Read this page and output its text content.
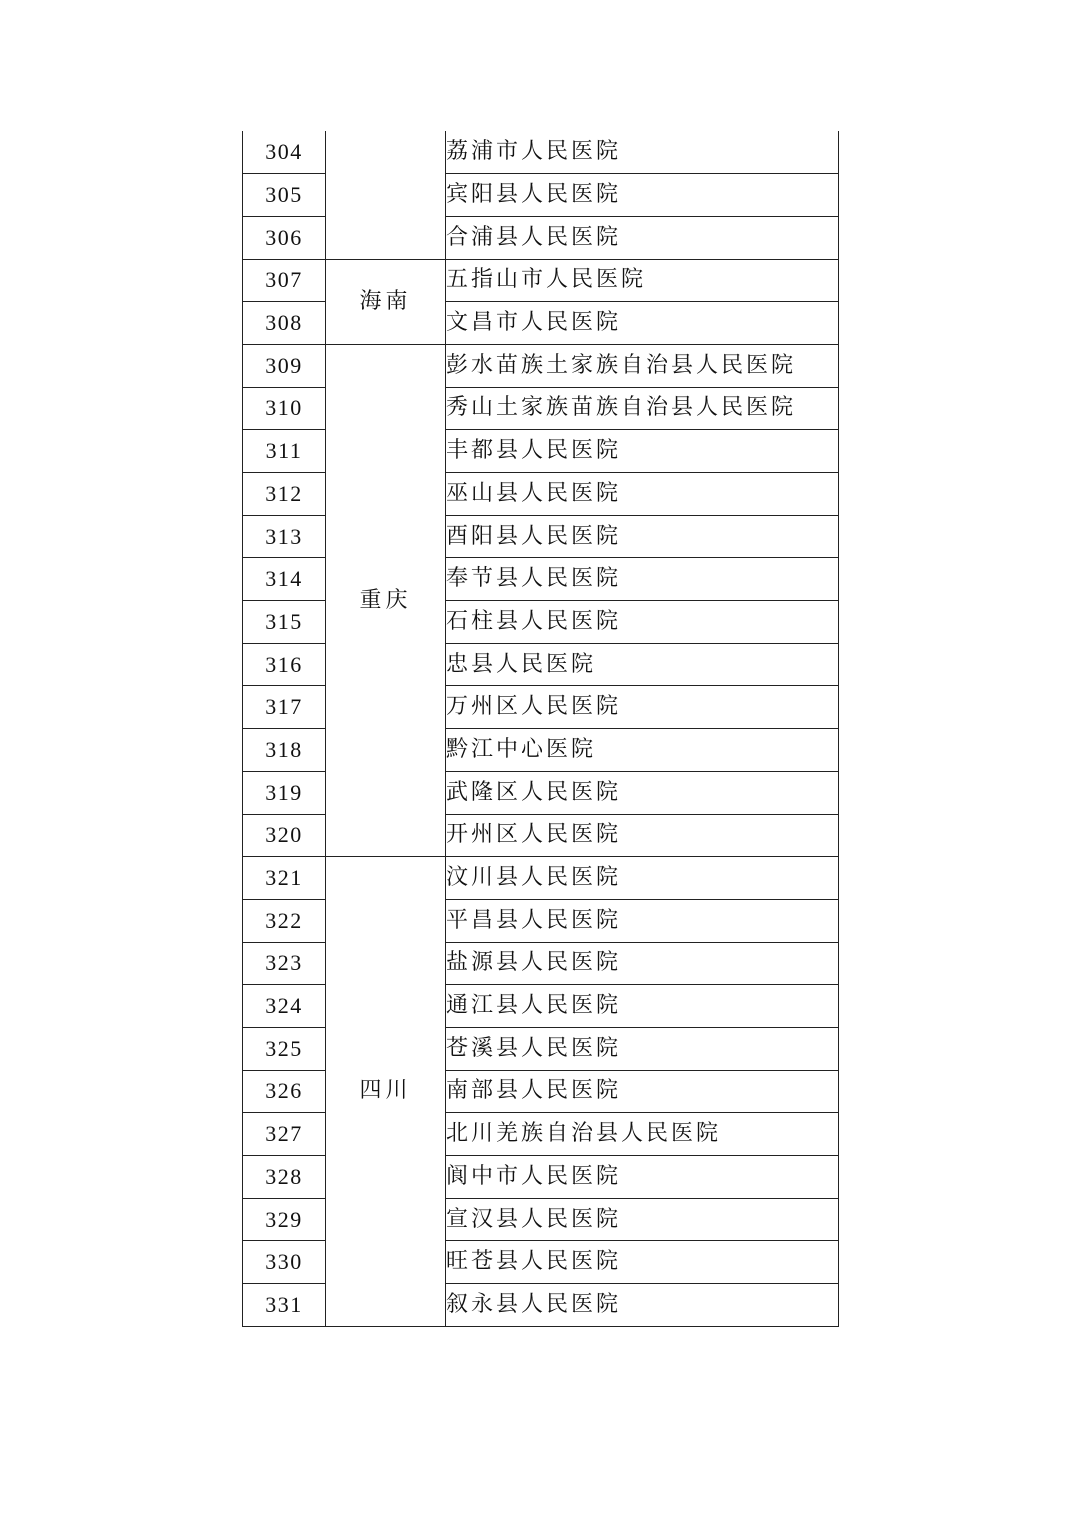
304		荔浦市人民医院
305		宾阳县人民医院
306		合浦县人民医院
307	海南	五指山市人民医院
308		文昌市人民医院
309	重庆	彭水苗族土家族自治县人民医院
310		秀山土家族苗族自治县人民医院
311		丰都县人民医院
312		巫山县人民医院
313		酉阳县人民医院
314		奉节县人民医院
315		石柱县人民医院
316		忠县人民医院
317		万州区人民医院
318		黔江中心医院
319		武隆区人民医院
320		开州区人民医院
321	四川	汶川县人民医院
322		平昌县人民医院
323		盐源县人民医院
324		通江县人民医院
325		苍溪县人民医院
326		南部县人民医院
327		北川羌族自治县人民医院
328		阆中市人民医院
329		宣汉县人民医院
330		旺苍县人民医院
331		叙永县人民医院
